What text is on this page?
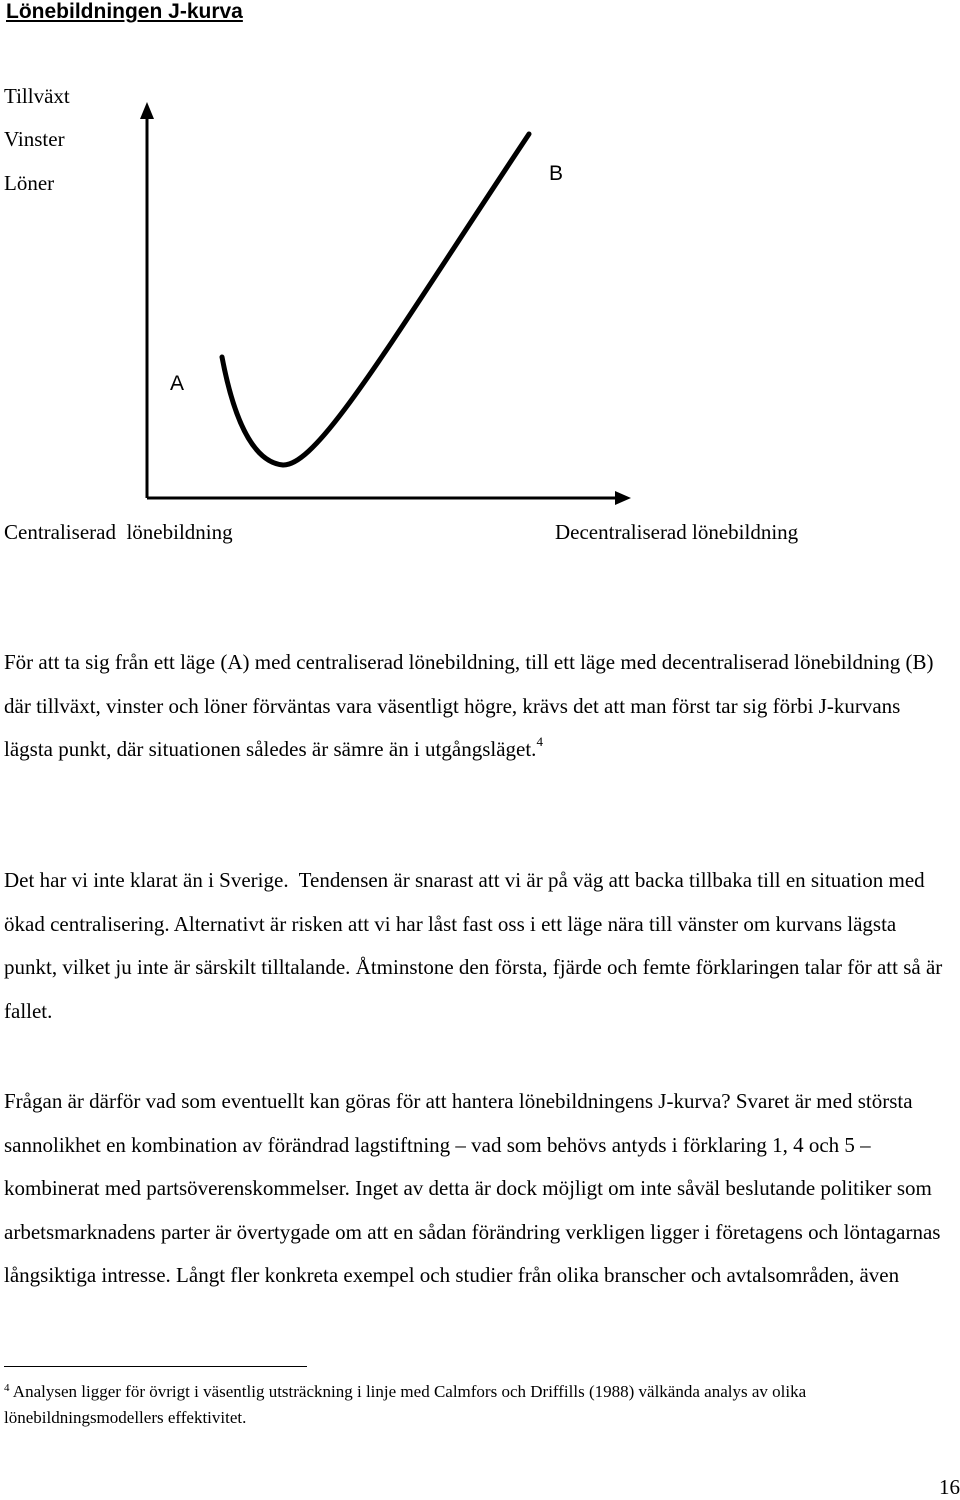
Lönebildningen J-kurva
Tillväxt
Vinster
Löner	B
A
Centraliserad  lönebildning	Decentraliserad lönebildning

För att ta sig från ett läge (A) med centraliserad lönebildning, till ett läge med decentraliserad lönebildning (B) där tillväxt, vinster och löner förväntas vara väsentligt högre, krävs det att man först tar sig förbi J-kurvans lägsta punkt, där situationen således är sämre än i utgångsläget.$^4$

Det har vi inte klarat än i Sverige.  Tendensen är snarast att vi är på väg att backa tillbaka till en situation med ökad centralisering. Alternativt är risken att vi har låst fast oss i ett läge nära till vänster om kurvans lägsta punkt, vilket ju inte är särskilt tilltalande. Åtminstone den första, fjärde och femte förklaringen talar för att så är fallet.

Frågan är därför vad som eventuellt kan göras för att hantera lönebildningens J-kurva? Svaret är med största sannolikhet en kombination av förändrad lagstiftning – vad som behövs antyds i förklaring 1, 4 och 5 – kombinerat med partsöverenskommelser. Inget av detta är dock möjligt om inte såväl beslutande politiker som arbetsmarknadens parter är övertygade om att en sådan förändring verkligen ligger i företagens och löntagarnas långsiktiga intresse. Långt fler konkreta exempel och studier från olika branscher och avtalsområden, även

$^4$ Analysen ligger för övrigt i väsentlig utsträckning i linje med Calmfors och Driffills (1988) välkända analys av olika lönebildningsmodellers effektivitet.

16
